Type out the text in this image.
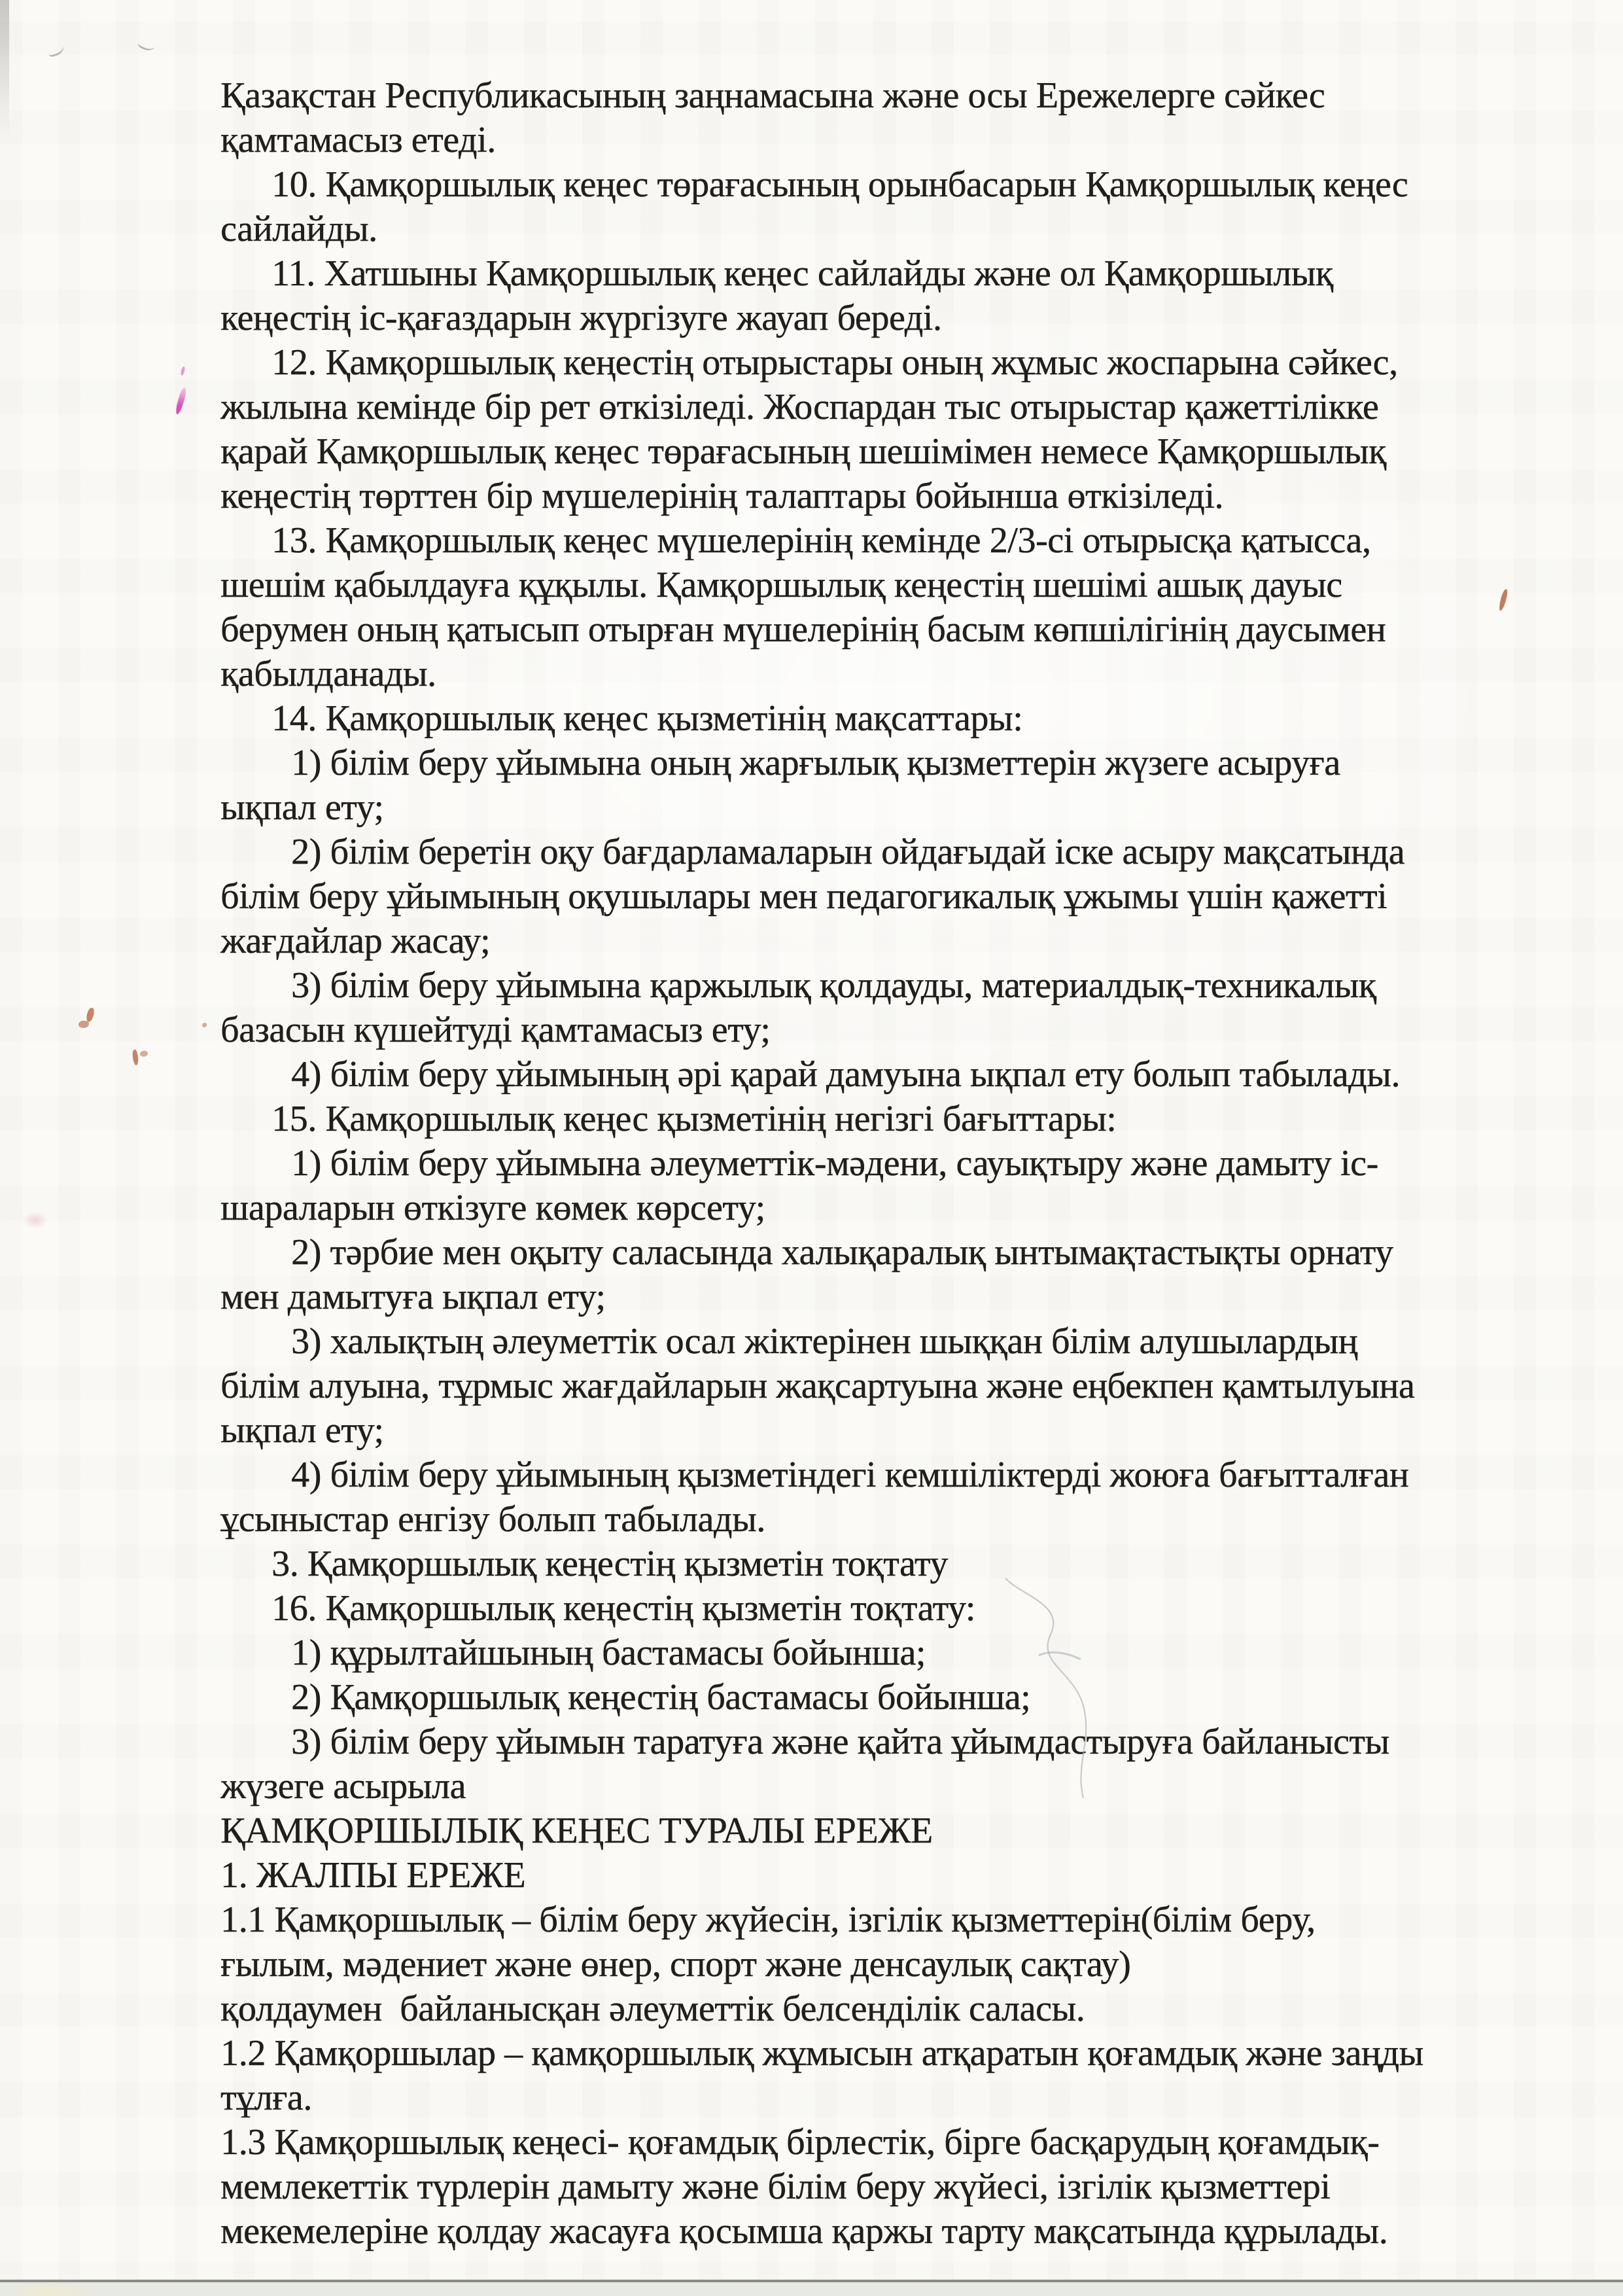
Қазақстан Республикасының заңнамасына және осы Ережелерге сәйкес
қамтамасыз етеді.
10. Қамқоршылық кеңес төрағасының орынбасарын Қамқоршылық кеңес
сайлайды.
11. Хатшыны Қамқоршылық кеңес сайлайды және ол Қамқоршылық
кеңестің іс-қағаздарын жүргізуге жауап береді.
12. Қамқоршылық кеңестің отырыстары оның жұмыс жоспарына сәйкес,
жылына кемінде бір рет өткізіледі. Жоспардан тыс отырыстар қажеттілікке
қарай Қамқоршылық кеңес төрағасының шешімімен немесе Қамқоршылық
кеңестің төрттен бір мүшелерінің талаптары бойынша өткізіледі.
13. Қамқоршылық кеңес мүшелерінің кемінде 2/3-сі отырысқа қатысса,
шешім қабылдауға құқылы. Қамқоршылық кеңестің шешімі ашық дауыс
берумен оның қатысып отырған мүшелерінің басым көпшілігінің даусымен
қабылданады.
14. Қамқоршылық кеңес қызметінің мақсаттары:
1) білім беру ұйымына оның жарғылық қызметтерін жүзеге асыруға
ықпал ету;
2) білім беретін оқу бағдарламаларын ойдағыдай іске асыру мақсатында
білім беру ұйымының оқушылары мен педагогикалық ұжымы үшін қажетті
жағдайлар жасау;
3) білім беру ұйымына қаржылық қолдауды, материалдық-техникалық
базасын күшейтуді қамтамасыз ету;
4) білім беру ұйымының әрі қарай дамуына ықпал ету болып табылады.
15. Қамқоршылық кеңес қызметінің негізгі бағыттары:
1) білім беру ұйымына әлеуметтік-мәдени, сауықтыру және дамыту іс-
шараларын өткізуге көмек көрсету;
2) тәрбие мен оқыту саласында халықаралық ынтымақтастықты орнату
мен дамытуға ықпал ету;
3) халықтың әлеуметтік осал жіктерінен шыққан білім алушылардың
білім алуына, тұрмыс жағдайларын жақсартуына және еңбекпен қамтылуына
ықпал ету;
4) білім беру ұйымының қызметіндегі кемшіліктерді жоюға бағытталған
ұсыныстар енгізу болып табылады.
3. Қамқоршылық кеңестің қызметін тоқтату
16. Қамқоршылық кеңестің қызметін тоқтату:
1) құрылтайшының бастамасы бойынша;
2) Қамқоршылық кеңестің бастамасы бойынша;
3) білім беру ұйымын таратуға және қайта ұйымдастыруға байланысты
жүзеге асырыла
ҚАМҚОРШЫЛЫҚ КЕҢЕС ТУРАЛЫ ЕРЕЖЕ
1. ЖАЛПЫ ЕРЕЖЕ
1.1 Қамқоршылық – білім беру жүйесін, ізгілік қызметтерін(білім беру,
ғылым, мәдениет және өнер, спорт және денсаулық сақтау)
қолдаумен  байланысқан әлеуметтік белсенділік саласы.
1.2 Қамқоршылар – қамқоршылық жұмысын атқаратын қоғамдық және заңды
тұлға.
1.3 Қамқоршылық кеңесі- қоғамдық бірлестік, бірге басқарудың қоғамдық-
мемлекеттік түрлерін дамыту және білім беру жүйесі, ізгілік қызметтері
мекемелеріне қолдау жасауға қосымша қаржы тарту мақсатында құрылады.
